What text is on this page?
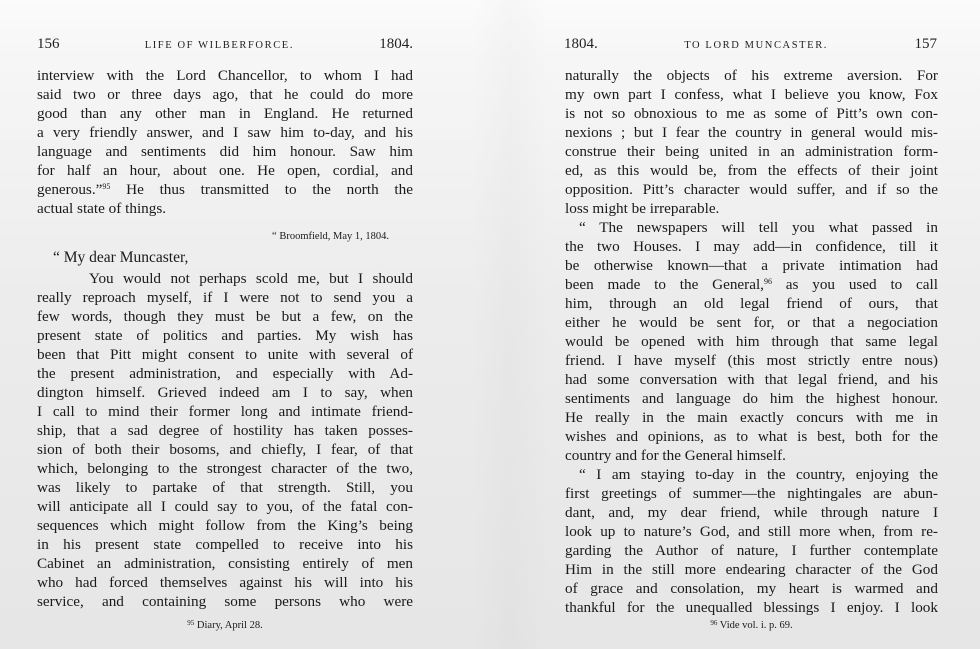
156	LIFE OF WILBERFORCE.	1804.
interview with the Lord Chancellor, to whom I had
said two or three days ago, that he could do more
good than any other man in England. He returned
a very friendly answer, and I saw him to-day, and his
language and sentiments did him honour. Saw him
for half an hour, about one. He open, cordial, and
generous.”$^{95}$ He thus transmitted to the north the
actual state of things.
“ Broomfield, May 1, 1804.
“ My dear Muncaster,
You would not perhaps scold me, but I should
really reproach myself, if I were not to send you a
few words, though they must be but a few, on the
present state of politics and parties. My wish has
been that Pitt might consent to unite with several of
the present administration, and especially with Ad-
dington himself. Grieved indeed am I to say, when
I call to mind their former long and intimate friend-
ship, that a sad degree of hostility has taken posses-
sion of both their bosoms, and chiefly, I fear, of that
which, belonging to the strongest character of the two,
was likely to partake of that strength. Still, you
will anticipate all I could say to you, of the fatal con-
sequences which might follow from the King’s being
in his present state compelled to receive into his
Cabinet an administration, consisting entirely of men
who had forced themselves against his will into his
service, and containing some persons who were
$^{95}$ Diary, April 28.
1804.	TO LORD MUNCASTER.	157
naturally the objects of his extreme aversion. For
my own part I confess, what I believe you know, Fox
is not so obnoxious to me as some of Pitt’s own con-
nexions ; but I fear the country in general would mis-
construe their being united in an administration form-
ed, as this would be, from the effects of their joint
opposition. Pitt’s character would suffer, and if so the
loss might be irreparable.
“ The newspapers will tell you what passed in
the two Houses. I may add—in confidence, till it
be otherwise known—that a private intimation had
been made to the General,$^{96}$ as you used to call
him, through an old legal friend of ours, that
either he would be sent for, or that a negociation
would be opened with him through that same legal
friend. I have myself (this most strictly entre nous)
had some conversation with that legal friend, and his
sentiments and language do him the highest honour.
He really in the main exactly concurs with me in
wishes and opinions, as to what is best, both for the
country and for the General himself.
“ I am staying to-day in the country, enjoying the
first greetings of summer—the nightingales are abun-
dant, and, my dear friend, while through nature I
look up to nature’s God, and still more when, from re-
garding the Author of nature, I further contemplate
Him in the still more endearing character of the God
of grace and consolation, my heart is warmed and
thankful for the unequalled blessings I enjoy. I look
$^{96}$ Vide vol. i. p. 69.
